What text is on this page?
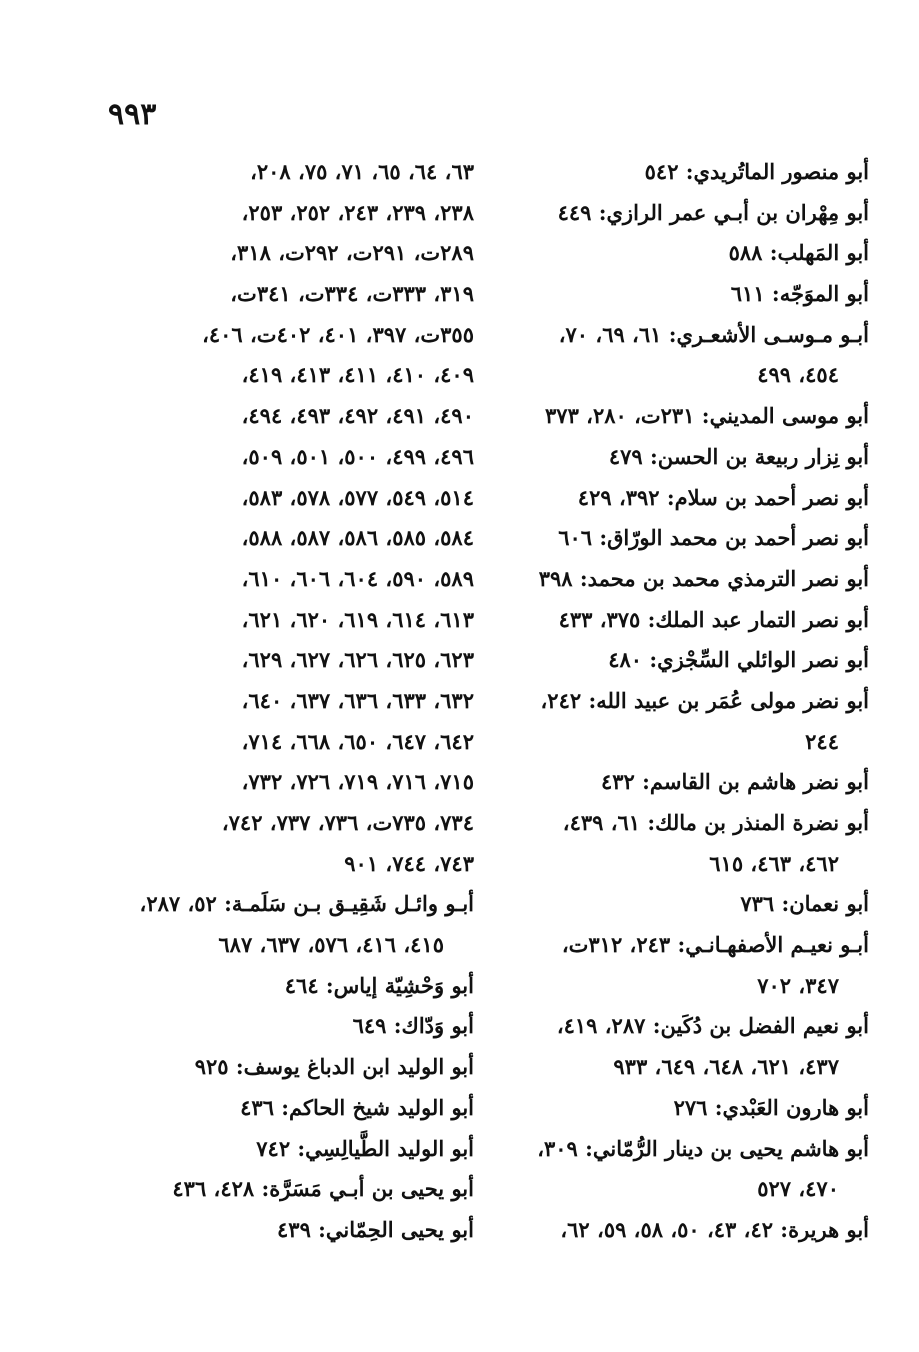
٩٩٣
أبو منصور الماتُريدي: ٥٤٢
أبو مِهْران بن أبـي عمر الرازي: ٤٤٩
أبو المَهلب: ٥٨٨
أبو الموَجّه: ٦١١
أبـو مـوسـى الأشعـري: ٦١، ٦٩، ٧٠،
٤٥٤، ٤٩٩
أبو موسى المديني: ٢٣١ت، ٢٨٠، ٣٧٣
أبو نِزار ربيعة بن الحسن: ٤٧٩
أبو نصر أحمد بن سلام: ٣٩٢، ٤٢٩
أبو نصر أحمد بن محمد الورّاق: ٦٠٦
أبو نصر الترمذي محمد بن محمد: ٣٩٨
أبو نصر التمار عبد الملك: ٣٧٥، ٤٣٣
أبو نصر الوائلي السِّجْزي: ٤٨٠
أبو نضر مولى عُمَر بن عبيد الله: ٢٤٢،
٢٤٤
أبو نضر هاشم بن القاسم: ٤٣٢
أبو نضرة المنذر بن مالك: ٦١، ٤٣٩،
٤٦٢، ٤٦٣، ٦١٥
أبو نعمان: ٧٣٦
أبـو نعيـم الأصفهـانـي: ٢٤٣، ٣١٢ت،
٣٤٧، ٧٠٢
أبو نعيم الفضل بن دُكَين: ٢٨٧، ٤١٩،
٤٣٧، ٦٢١، ٦٤٨، ٦٤٩، ٩٣٣
أبو هارون العَبْدي: ٢٧٦
أبو هاشم يحيى بن دينار الرُّمّاني: ٣٠٩،
٤٧٠، ٥٢٧
أبو هريرة: ٤٢، ٤٣، ٥٠، ٥٨، ٥٩، ٦٢،
٦٣، ٦٤، ٦٥، ٧١، ٧٥، ٢٠٨،
٢٣٨، ٢٣٩، ٢٤٣، ٢٥٢، ٢٥٣،
٢٨٩ت، ٢٩١ت، ٢٩٢ت، ٣١٨،
٣١٩، ٣٣٣ت، ٣٣٤ت، ٣٤١ت،
٣٥٥ت، ٣٩٧، ٤٠١، ٤٠٢ت، ٤٠٦،
٤٠٩، ٤١٠، ٤١١، ٤١٣، ٤١٩،
٤٩٠، ٤٩١، ٤٩٢، ٤٩٣، ٤٩٤،
٤٩٦، ٤٩٩، ٥٠٠، ٥٠١، ٥٠٩،
٥١٤، ٥٤٩، ٥٧٧، ٥٧٨، ٥٨٣،
٥٨٤، ٥٨٥، ٥٨٦، ٥٨٧، ٥٨٨،
٥٨٩، ٥٩٠، ٦٠٤، ٦٠٦، ٦١٠،
٦١٣، ٦١٤، ٦١٩، ٦٢٠، ٦٢١،
٦٢٣، ٦٢٥، ٦٢٦، ٦٢٧، ٦٢٩،
٦٣٢، ٦٣٣، ٦٣٦، ٦٣٧، ٦٤٠،
٦٤٢، ٦٤٧، ٦٥٠، ٦٦٨، ٧١٤،
٧١٥، ٧١٦، ٧١٩، ٧٢٦، ٧٣٢،
٧٣٤، ٧٣٥ت، ٧٣٦، ٧٣٧، ٧٤٢،
٧٤٣، ٧٤٤، ٩٠١
أبـو وائـل شَقِيـق بـن سَلَمـة: ٥٢، ٢٨٧،
٤١٥، ٤١٦، ٥٧٦، ٦٣٧، ٦٨٧
أبو وَحْشِيّة إياس: ٤٦٤
أبو وَدّاك: ٦٤٩
أبو الوليد ابن الدباغ يوسف: ٩٢٥
أبو الوليد شيخ الحاكم: ٤٣٦
أبو الوليد الطَّيالِسِي: ٧٤٢
أبو يحيى بن أبـي مَسَرَّة: ٤٢٨، ٤٣٦
أبو يحيى الحِمّاني: ٤٣٩
